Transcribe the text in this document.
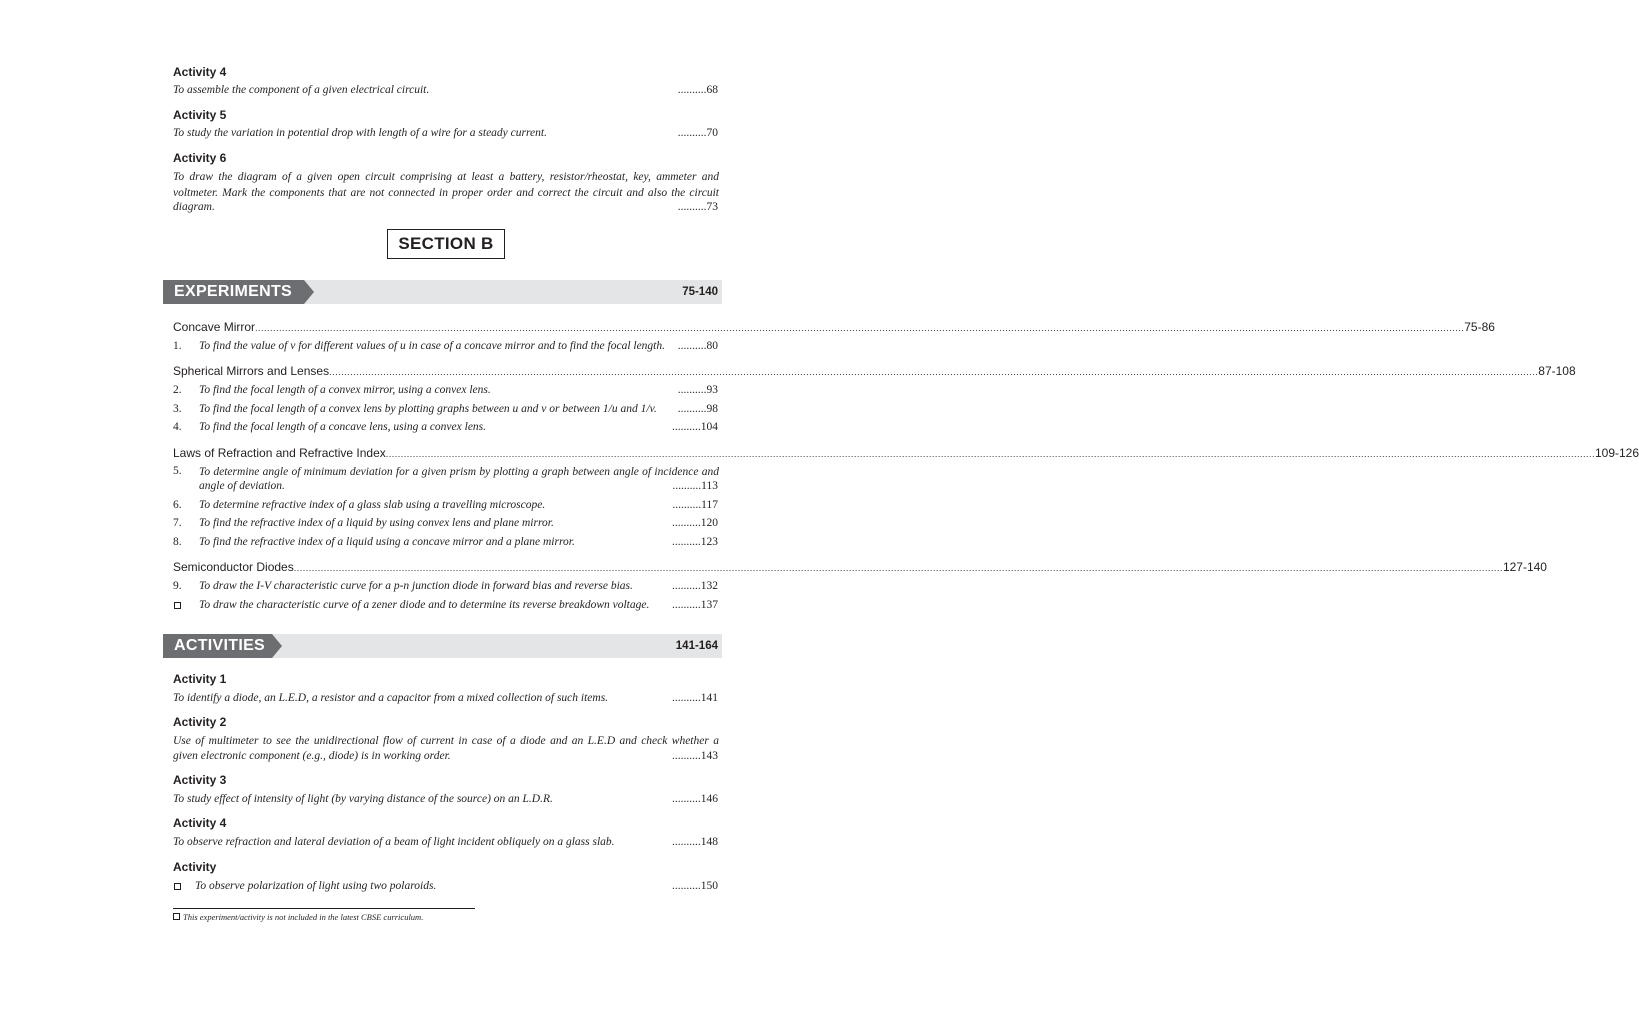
Activity 4
To assemble the component of a given electrical circuit.	..........68
Activity 5
To study the variation in potential drop with length of a wire for a steady current.	..........70
Activity 6
To draw the diagram of a given open circuit comprising at least a battery, resistor/rheostat, key, ammeter and
voltmeter. Mark the components that are not connected in proper order and correct the circuit and also the circuit
diagram.	..........73
SECTION B
EXPERIMENTS	75-140
Concave Mirror ................................................................................................................................................................................................................................................................................................................................................................................................................... 75-86
1. To find the value of v for different values of u in case of a concave mirror and to find the focal length. ..........80
Spherical Mirrors and Lenses ................................................................................................................................................................................................................................................................................................................................................................................................................... 87-108
2. To find the focal length of a convex mirror, using a convex lens.	..........93
3. To find the focal length of a convex lens by plotting graphs between u and v or between 1/u and 1/v. ..........98
4. To find the focal length of a concave lens, using a convex lens.	..........104
Laws of Refraction and Refractive Index ................................................................................................................................................................................................................................................................................................................................................................................................................... 109-126
5. To determine angle of minimum deviation for a given prism by plotting a graph between angle of incidence and
angle of deviation.	..........113
6. To determine refractive index of a glass slab using a travelling microscope.	..........117
7. To find the refractive index of a liquid by using convex lens and plane mirror.	..........120
8. To find the refractive index of a liquid using a concave mirror and a plane mirror.	..........123
Semiconductor Diodes ................................................................................................................................................................................................................................................................................................................................................................................................................... 127-140
9. To draw the I-V characteristic curve for a p-n junction diode in forward bias and reverse bias.	..........132
To draw the characteristic curve of a zener diode and to determine its reverse breakdown voltage. ..........137
ACTIVITIES	141-164
Activity 1
To identify a diode, an L.E.D, a resistor and a capacitor from a mixed collection of such items.	..........141
Activity 2
Use of multimeter to see the unidirectional flow of current in case of a diode and an L.E.D and check whether a
given electronic component (e.g., diode) is in working order.	..........143
Activity 3
To study effect of intensity of light (by varying distance of the source) on an L.D.R.	..........146
Activity 4
To observe refraction and lateral deviation of a beam of light incident obliquely on a glass slab.	..........148
Activity
To observe polarization of light using two polaroids.	..........150
This experiment/activity is not included in the latest CBSE curriculum.
